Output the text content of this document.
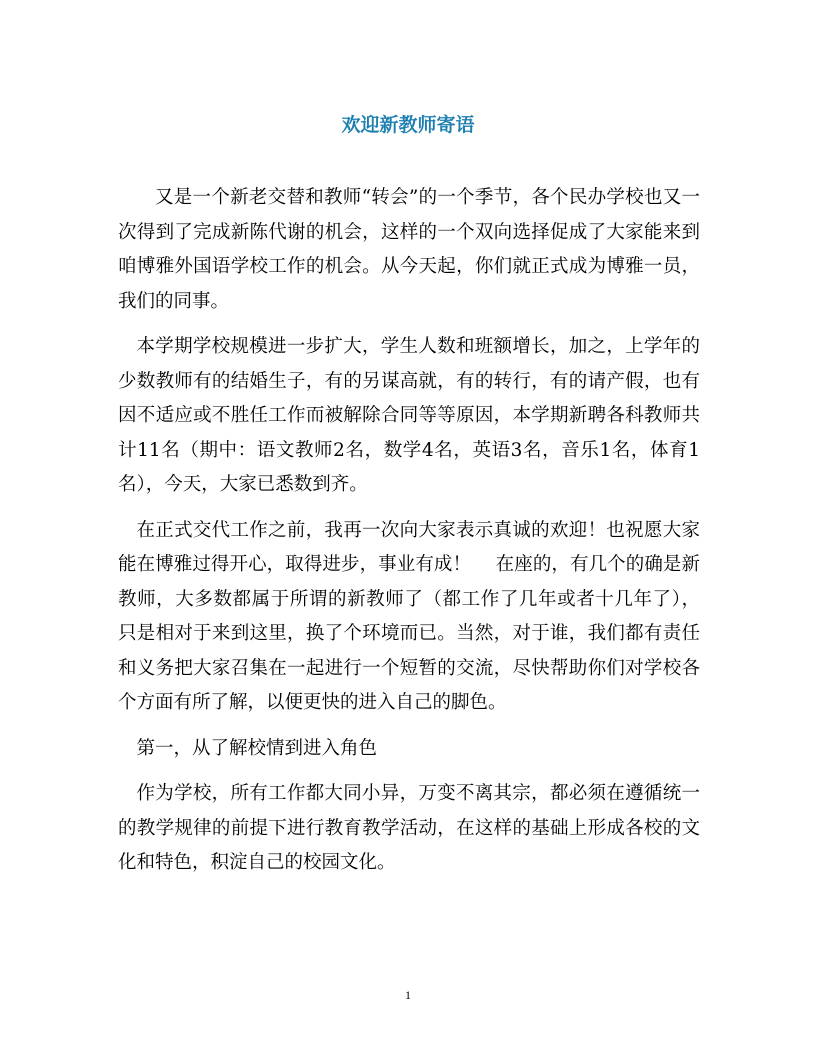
欢迎新教师寄语

又是一个新老交替和教师“转会”的一个季节，各个民办学校也又一次得到了完成新陈代谢的机会，这样的一个双向选择促成了大家能来到咱博雅外国语学校工作的机会。从今天起，你们就正式成为博雅一员，我们的同事。

本学期学校规模进一步扩大，学生人数和班额增长，加之，上学年的少数教师有的结婚生子，有的另谋高就，有的转行，有的请产假，也有因不适应或不胜任工作而被解除合同等等原因，本学期新聘各科教师共计11名（期中：语文教师2名，数学4名，英语3名，音乐1名，体育1名），今天，大家已悉数到齐。

在正式交代工作之前，我再一次向大家表示真诚的欢迎！也祝愿大家能在博雅过得开心，取得进步，事业有成！　 在座的，有几个的确是新教师，大多数都属于所谓的新教师了（都工作了几年或者十几年了），只是相对于来到这里，换了个环境而已。当然，对于谁，我们都有责任和义务把大家召集在一起进行一个短暂的交流，尽快帮助你们对学校各个方面有所了解，以便更快的进入自己的脚色。

第一，从了解校情到进入角色

作为学校，所有工作都大同小异，万变不离其宗，都必须在遵循统一的教学规律的前提下进行教育教学活动，在这样的基础上形成各校的文化和特色，积淀自己的校园文化。

1
